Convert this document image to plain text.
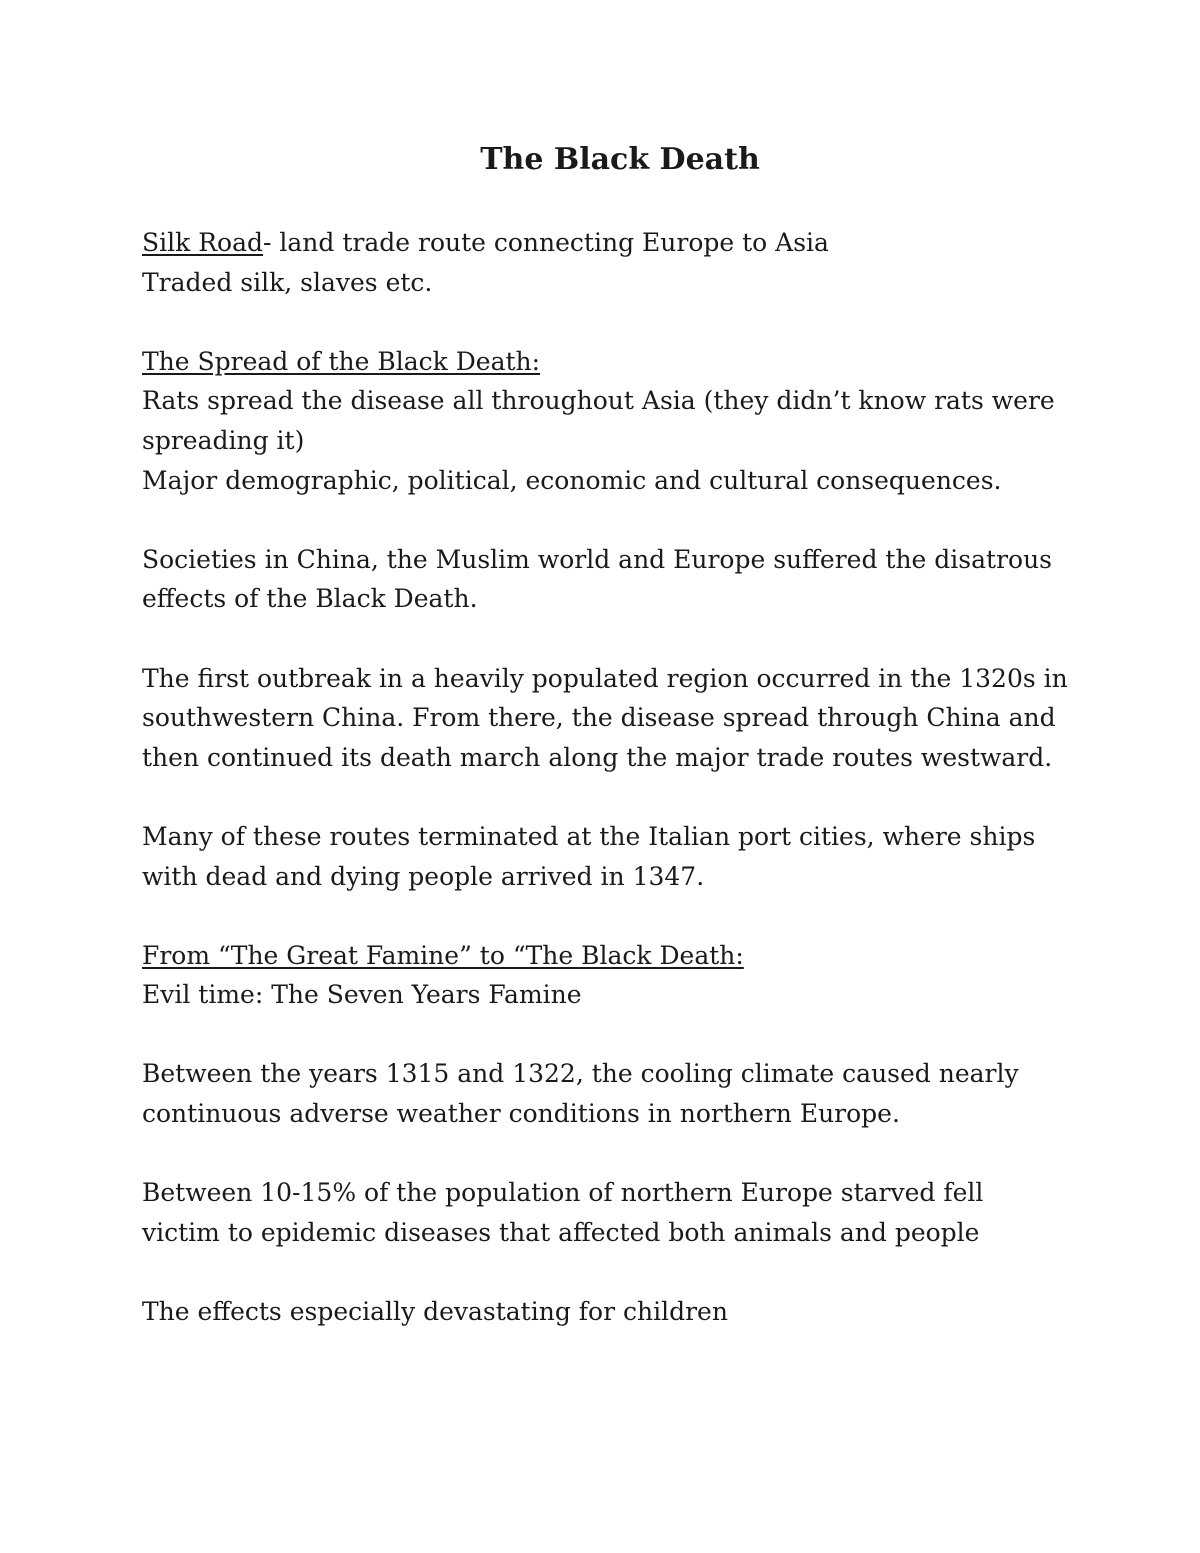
The Black Death

Silk Road- land trade route connecting Europe to Asia

Traded silk, slaves etc.

The Spread of the Black Death:

Rats spread the disease all throughout Asia (they didn’t know rats were

spreading it)

Major demographic, political, economic and cultural consequences.

Societies in China, the Muslim world and Europe suffered the disatrous

effects of the Black Death.

The first outbreak in a heavily populated region occurred in the 1320s in

southwestern China. From there, the disease spread through China and

then continued its death march along the major trade routes westward.

Many of these routes terminated at the Italian port cities, where ships

with dead and dying people arrived in 1347.

From “The Great Famine” to “The Black Death:

Evil time: The Seven Years Famine

Between the years 1315 and 1322, the cooling climate caused nearly

continuous adverse weather conditions in northern Europe.

Between 10-15% of the population of northern Europe starved fell

victim to epidemic diseases that affected both animals and people

The effects especially devastating for children
